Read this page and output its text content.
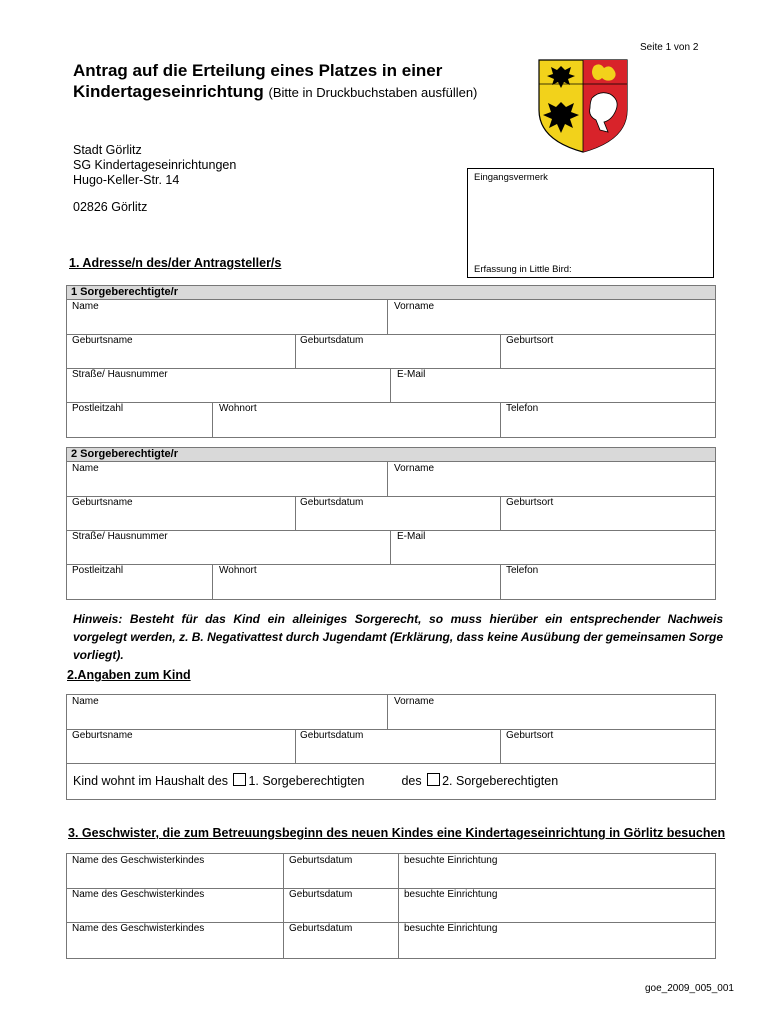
Seite 1 von 2
Antrag auf die Erteilung eines Platzes in einer
Kindertageseinrichtung (Bitte in Druckbuchstaben ausfüllen)
Stadt Görlitz
SG Kindertageseinrichtungen
Hugo-Keller-Str. 14
02826 Görlitz
Eingangsvermerk
Erfassung in Little Bird:
1. Adresse/n des/der Antragsteller/s
1 Sorgeberechtigte/r
Name	Vorname
Geburtsname	Geburtsdatum	Geburtsort
Straße/ Hausnummer	E-Mail
Postleitzahl	Wohnort	Telefon
2 Sorgeberechtigte/r
Name	Vorname
Geburtsname	Geburtsdatum	Geburtsort
Straße/ Hausnummer	E-Mail
Postleitzahl	Wohnort	Telefon
Hinweis: Besteht für das Kind ein alleiniges Sorgerecht, so muss hierüber ein entsprechender Nachweis vorgelegt werden, z. B. Negativattest durch Jugendamt (Erklärung, dass keine Ausübung der gemeinsamen Sorge vorliegt).
2.Angaben zum Kind
Name	Vorname
Geburtsname	Geburtsdatum	Geburtsort
Kind wohnt im Haushalt des 1. Sorgeberechtigten	des 2. Sorgeberechtigten
3. Geschwister, die zum Betreuungsbeginn des neuen Kindes eine Kindertageseinrichtung in Görlitz besuchen
Name des Geschwisterkindes	Geburtsdatum	besuchte Einrichtung
Name des Geschwisterkindes	Geburtsdatum	besuchte Einrichtung
Name des Geschwisterkindes	Geburtsdatum	besuchte Einrichtung
goe_2009_005_001
